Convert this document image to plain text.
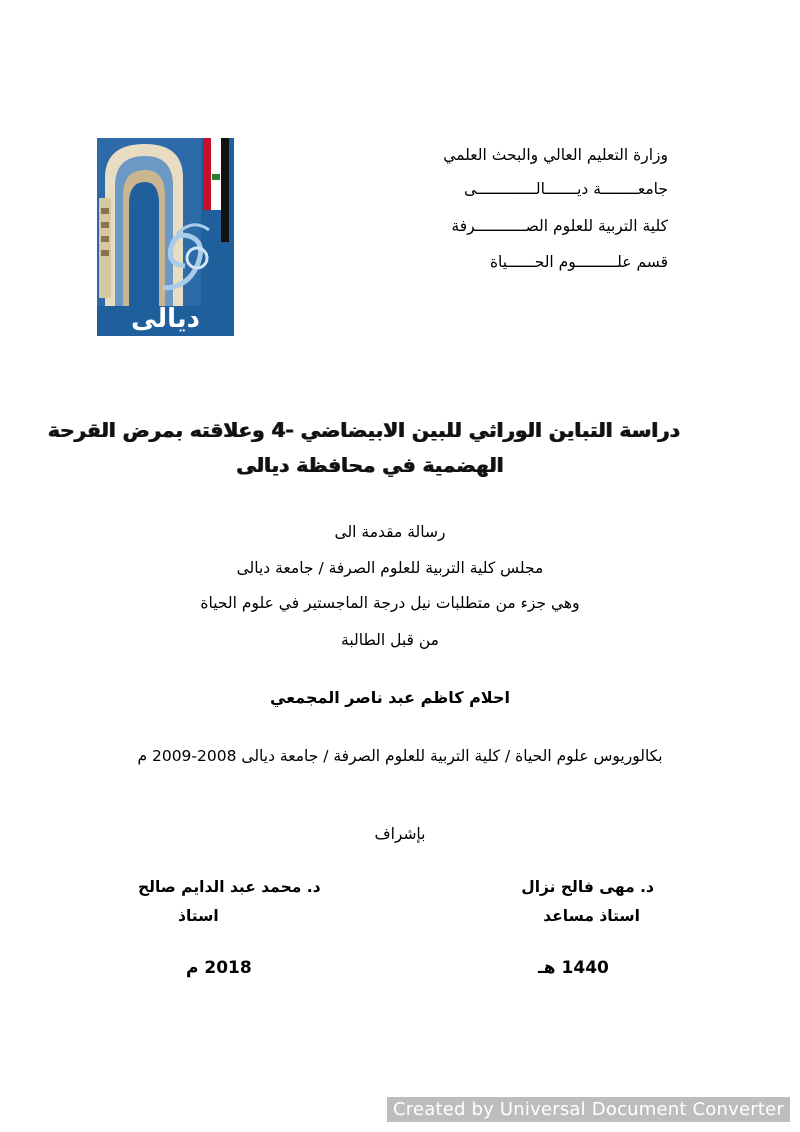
وزارة التعليم العالي والبحث العلمي
جامعــــــــة ديـــــــالـــــــــــــى
كلية التربية للعلوم الصـــــــــــرفة
قسم علـــــــــوم الحــــــياة
ديالى
دراسة التباين الوراثي للبين الابيضاضي -4 وعلاقته بمرض القرحة
الهضمية في محافظة ديالى
رسالة مقدمة الى
مجلس كلية التربية للعلوم الصرفة / جامعة ديالى
وهي جزء من متطلبات نيل درجة الماجستير في علوم الحياة
من قبل الطالبة
احلام كاظم عبد ناصر المجمعي
بكالوريوس علوم الحياة / كلية التربية للعلوم الصرفة / جامعة ديالى 2008-2009 م
بإشراف
د. مهى فالح نزال
استاذ مساعد
د. محمد عبد الدايم صالح
استاذ
1440 هـ
2018 م
Created by Universal Document Converter
